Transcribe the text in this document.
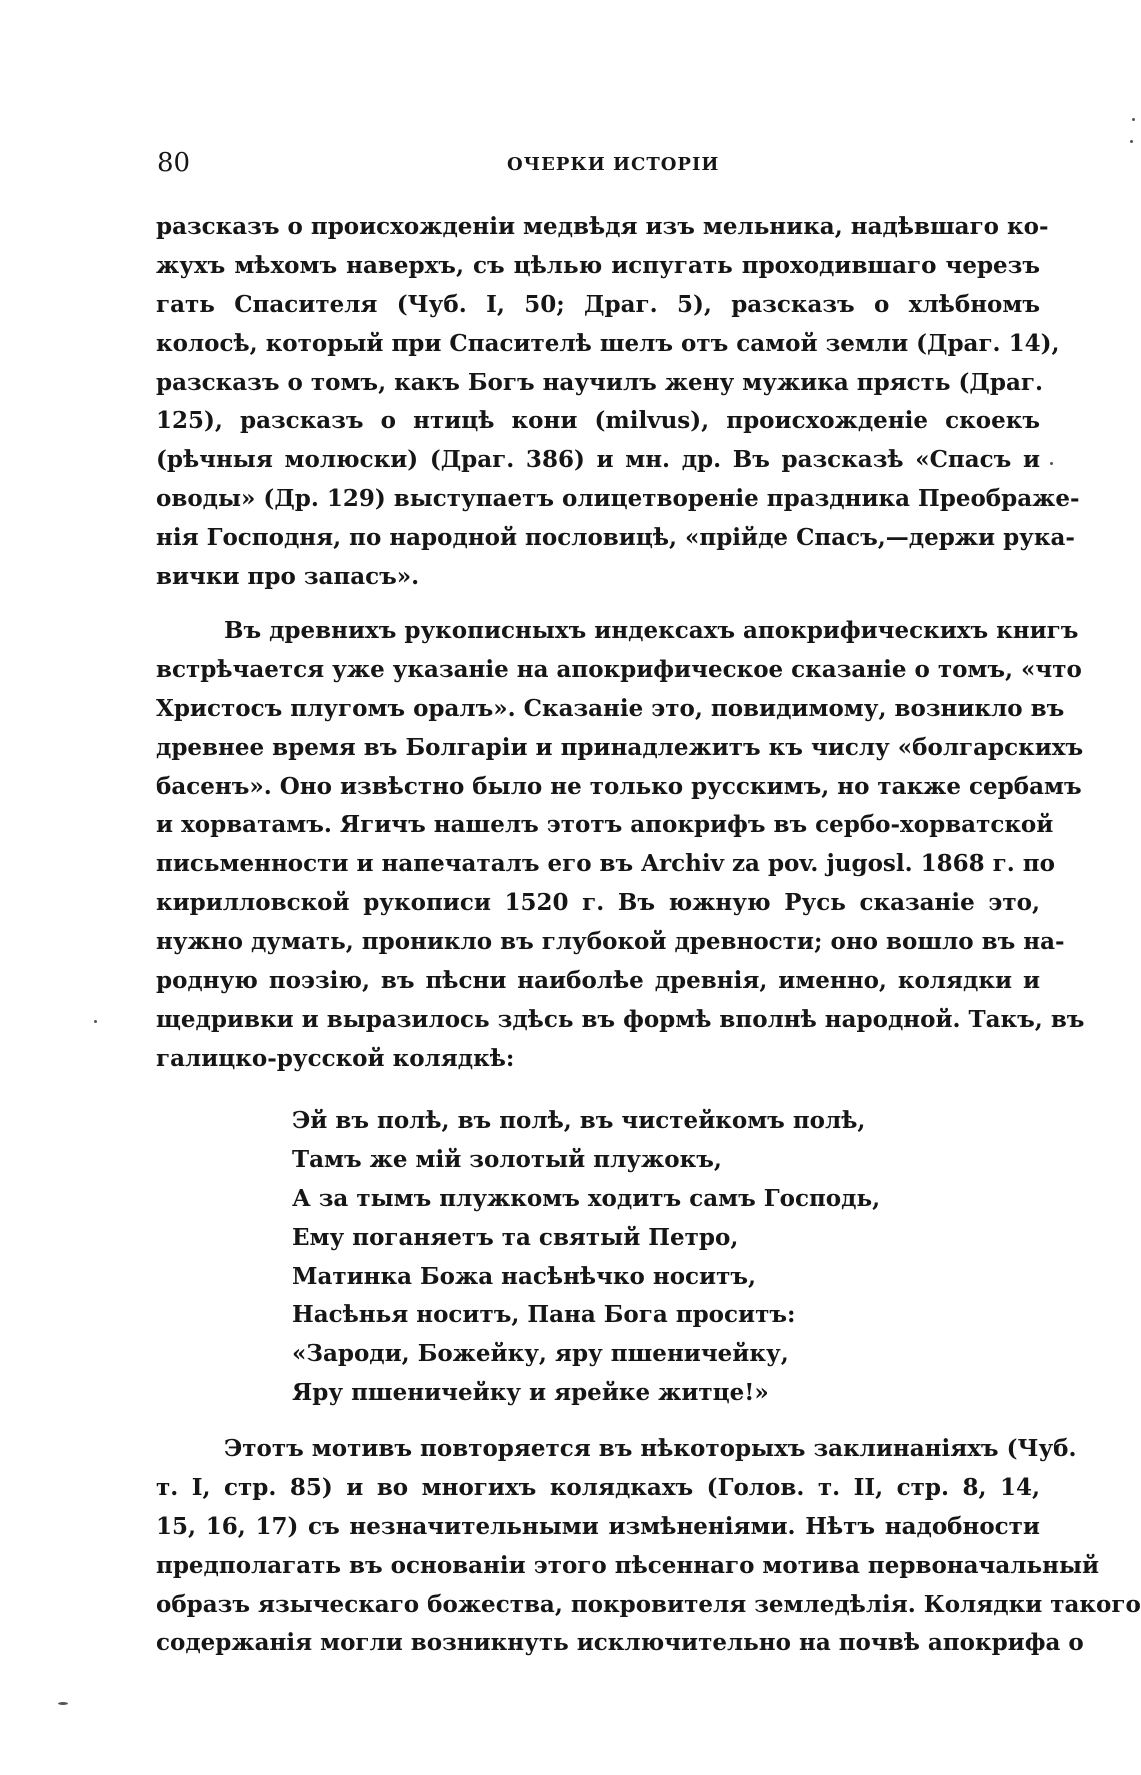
80	ОЧЕРКИ ИСТОРІИ
разсказъ о происхожденіи медвѣдя изъ мельника, надѣвшаго ко-
жухъ мѣхомъ наверхъ, съ цѣлью испугать проходившаго черезъ
гать Спасителя (Чуб. I, 50; Драг. 5), разсказъ о хлѣбномъ
колосѣ, который при Спасителѣ шелъ отъ самой земли (Драг. 14),
разсказъ о томъ, какъ Богъ научилъ жену мужика прясть (Драг.
125), разсказъ о нтицѣ кони (milvus), происхожденіе скоекъ
(рѣчныя молюски) (Драг. 386) и мн. др. Въ разсказѣ «Спасъ и
оводы» (Др. 129) выступаетъ олицетвореніе праздника Преображе-
нія Господня, по народной пословицѣ, «прійде Спасъ,—держи рука-
вички про запасъ».
Въ древнихъ рукописныхъ индексахъ апокрифическихъ книгъ
встрѣчается уже указаніе на апокрифическое сказаніе о томъ, «что
Христосъ плугомъ оралъ». Сказаніе это, повидимому, возникло въ
древнее время въ Болгаріи и принадлежитъ къ числу «болгарскихъ
басенъ». Оно извѣстно было не только русскимъ, но также сербамъ
и хорватамъ. Ягичъ нашелъ этотъ апокрифъ въ сербо-хорватской
письменности и напечаталъ его въ Archiv za pov. jugosl. 1868 г. по
кирилловской рукописи 1520 г. Въ южную Русь сказаніе это,
нужно думать, проникло въ глубокой древности; оно вошло въ на-
родную поэзію, въ пѣсни наиболѣе древнія, именно, колядки и
щедривки и выразилось здѣсь въ формѣ вполнѣ народной. Такъ, въ
галицко-русской колядкѣ:
Эй въ полѣ, въ полѣ, въ чистейкомъ полѣ,
Тамъ же мій золотый плужокъ,
А за тымъ плужкомъ ходитъ самъ Господь,
Ему поганяетъ та святый Петро,
Матинка Божа насѣнѣчко носитъ,
Насѣнья носитъ, Пана Бога проситъ:
«Зароди, Божейку, яру пшеничейку,
Яру пшеничейку и ярейке житце!»
Этотъ мотивъ повторяется въ нѣкоторыхъ заклинаніяхъ (Чуб.
т. I, стр. 85) и во многихъ колядкахъ (Голов. т. II, стр. 8, 14,
15, 16, 17) съ незначительными измѣненіями. Нѣтъ надобности
предполагать въ основаніи этого пѣсеннаго мотива первоначальный
образъ языческаго божества, покровителя земледѣлія. Колядки такого
содержанія могли возникнуть исключительно на почвѣ апокрифа о
